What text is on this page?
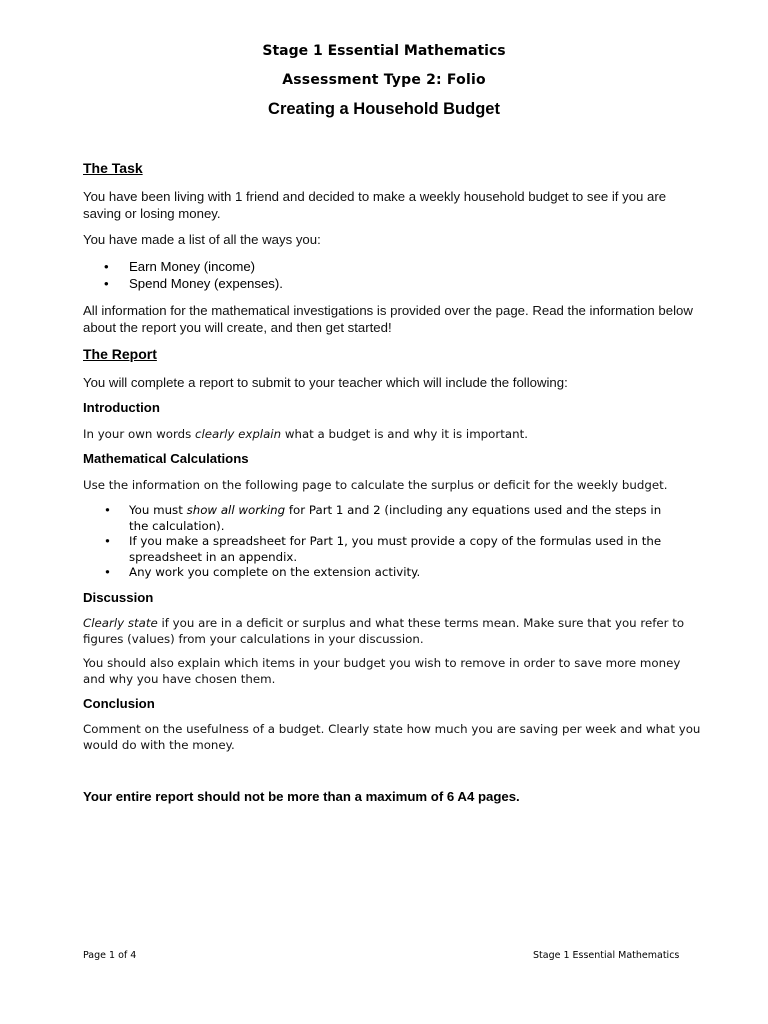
Stage 1 Essential Mathematics
Assessment Type 2: Folio
Creating a Household Budget
The Task
You have been living with 1 friend and decided to make a weekly household budget to see if you are saving or losing money.
You have made a list of all the ways you:
• Earn Money (income)
• Spend Money (expenses).
All information for the mathematical investigations is provided over the page. Read the information below about the report you will create, and then get started!
The Report
You will complete a report to submit to your teacher which will include the following:
Introduction
In your own words clearly explain what a budget is and why it is important.
Mathematical Calculations
Use the information on the following page to calculate the surplus or deficit for the weekly budget.
• You must show all working for Part 1 and 2 (including any equations used and the steps in the calculation).
• If you make a spreadsheet for Part 1, you must provide a copy of the formulas used in the spreadsheet in an appendix.
• Any work you complete on the extension activity.
Discussion
Clearly state if you are in a deficit or surplus and what these terms mean. Make sure that you refer to figures (values) from your calculations in your discussion.
You should also explain which items in your budget you wish to remove in order to save more money and why you have chosen them.
Conclusion
Comment on the usefulness of a budget. Clearly state how much you are saving per week and what you would do with the money.
Your entire report should not be more than a maximum of 6 A4 pages.
Page 1 of 4	Stage 1 Essential Mathematics
